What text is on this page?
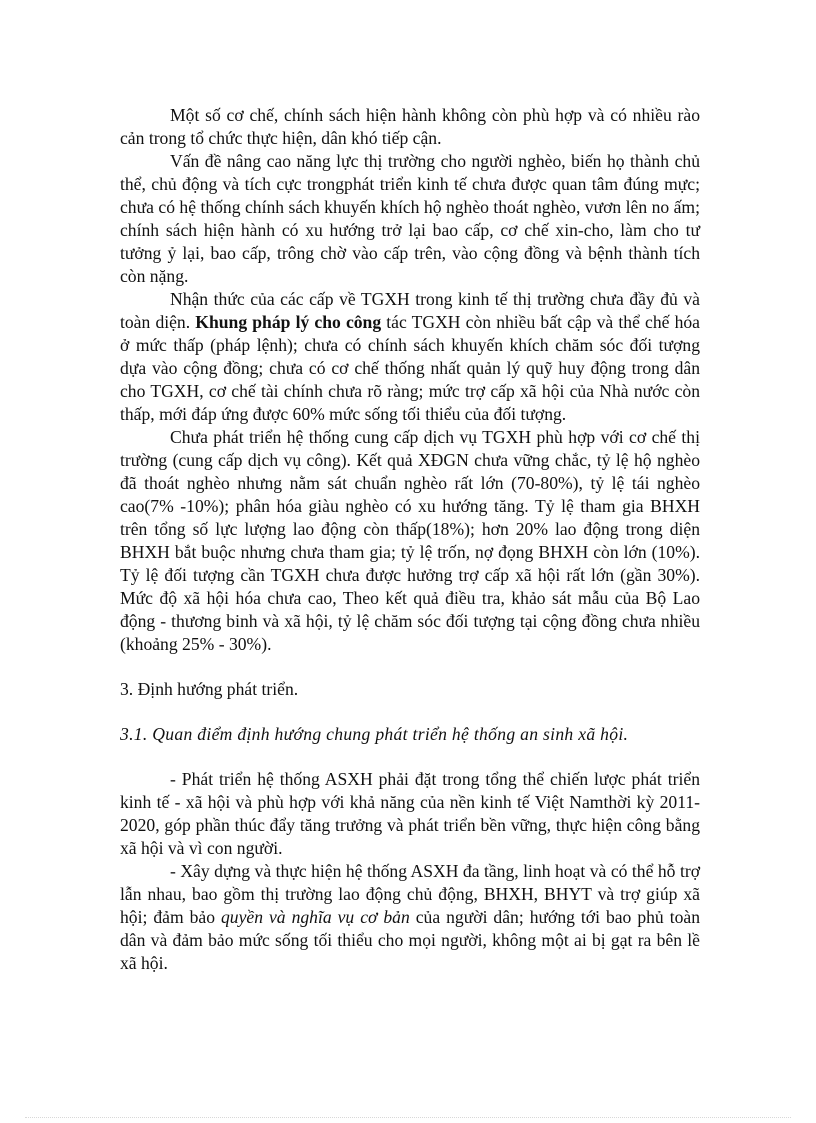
Một số cơ chế, chính sách hiện hành không còn phù hợp và có nhiều rào cản trong tổ chức thực hiện, dân khó tiếp cận.

Vấn đề nâng cao năng lực thị trường cho người nghèo, biến họ thành chủ thể, chủ động và tích cực trongphát triển kinh tế chưa được quan tâm đúng mực; chưa có hệ thống chính sách khuyến khích hộ nghèo thoát nghèo, vươn lên no ấm; chính sách hiện hành có xu hướng trở lại bao cấp, cơ chế xin-cho, làm cho tư tưởng ỷ lại, bao cấp, trông chờ vào cấp trên, vào cộng đồng và bệnh thành tích còn nặng.

Nhận thức của các cấp về TGXH trong kinh tế thị trường chưa đầy đủ và toàn diện. Khung pháp lý cho công tác TGXH còn nhiều bất cập và thể chế hóa ở mức thấp (pháp lệnh); chưa có chính sách khuyến khích chăm sóc đối tượng dựa vào cộng đồng; chưa có cơ chế thống nhất quản lý quỹ huy động trong dân cho TGXH, cơ chế tài chính chưa rõ ràng; mức trợ cấp xã hội của Nhà nước còn thấp, mới đáp ứng được 60% mức sống tối thiểu của đối tượng.

Chưa phát triển hệ thống cung cấp dịch vụ TGXH phù hợp với cơ chế thị trường (cung cấp dịch vụ công). Kết quả XĐGN chưa vững chắc, tỷ lệ hộ nghèo đã thoát nghèo nhưng nằm sát chuẩn nghèo rất lớn (70-80%), tỷ lệ tái nghèo cao(7% -10%); phân hóa giàu nghèo có xu hướng tăng. Tỷ lệ tham gia BHXH trên tổng số lực lượng lao động còn thấp(18%); hơn 20% lao động trong diện BHXH bắt buộc nhưng chưa tham gia; tỷ lệ trốn, nợ đọng BHXH còn lớn (10%). Tỷ lệ đối tượng cần TGXH chưa được hưởng trợ cấp xã hội rất lớn (gần 30%). Mức độ xã hội hóa chưa cao, Theo kết quả điều tra, khảo sát mẫu của Bộ Lao động - thương binh và xã hội, tỷ lệ chăm sóc đối tượng tại cộng đồng chưa nhiều (khoảng 25% - 30%).

3. Định hướng phát triển.

3.1. Quan điểm định hướng chung phát triển hệ thống an sinh xã hội.

- Phát triển hệ thống ASXH phải đặt trong tổng thể chiến lược phát triển kinh tế - xã hội và phù hợp với khả năng của nền kinh tế Việt Namthời kỳ 2011-2020, góp phần thúc đẩy tăng trưởng và phát triển bền vững, thực hiện công bằng xã hội và vì con người.

- Xây dựng và thực hiện hệ thống ASXH đa tầng, linh hoạt và có thể hỗ trợ lẫn nhau, bao gồm thị trường lao động chủ động, BHXH, BHYT và trợ giúp xã hội; đảm bảo quyền và nghĩa vụ cơ bản của người dân; hướng tới bao phủ toàn dân và đảm bảo mức sống tối thiểu cho mọi người, không một ai bị gạt ra bên lề xã hội.
